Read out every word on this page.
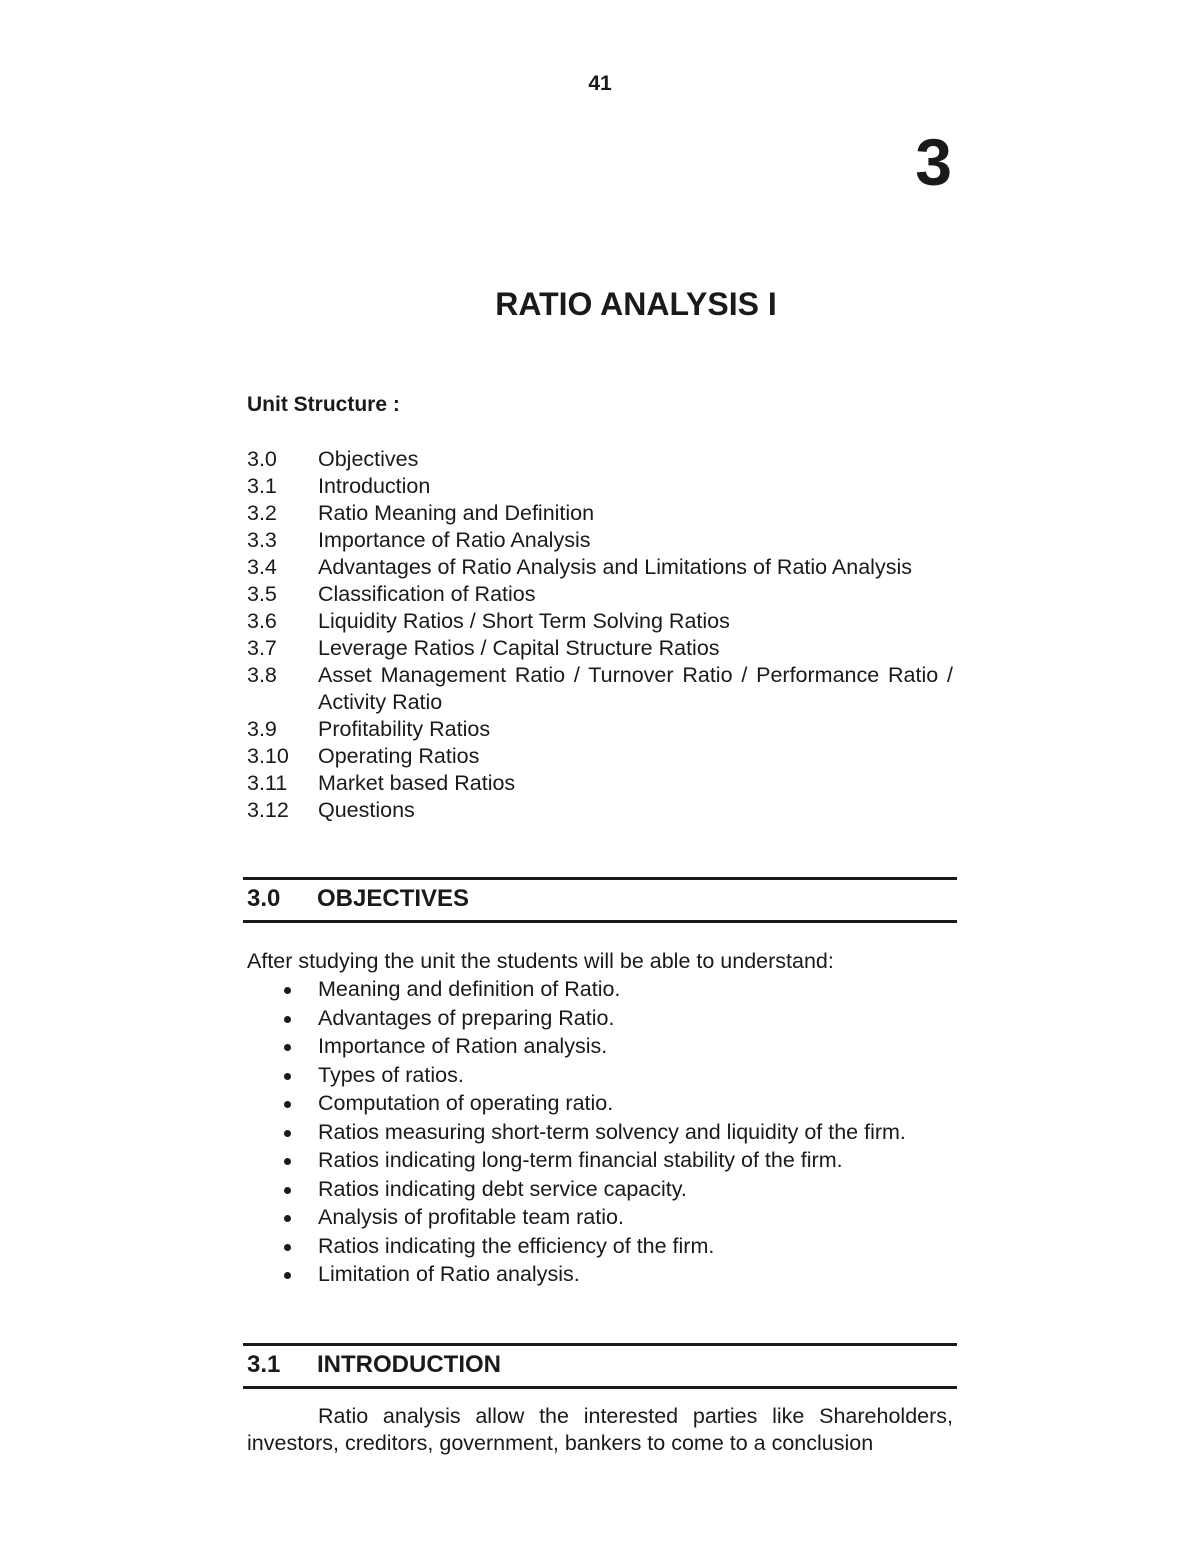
41
3
RATIO ANALYSIS I
Unit Structure :
3.0	Objectives
3.1	Introduction
3.2	Ratio Meaning and Definition
3.3	Importance of Ratio Analysis
3.4	Advantages of Ratio Analysis and Limitations of Ratio Analysis
3.5	Classification of Ratios
3.6	Liquidity Ratios / Short Term Solving Ratios
3.7	Leverage Ratios / Capital Structure Ratios
3.8	Asset Management Ratio / Turnover Ratio / Performance Ratio / Activity Ratio
3.9	Profitability Ratios
3.10	Operating Ratios
3.11	Market based Ratios
3.12	Questions
3.0 OBJECTIVES
After studying the unit the students will be able to understand:
Meaning and definition of Ratio.
Advantages of preparing Ratio.
Importance of Ration analysis.
Types of ratios.
Computation of operating ratio.
Ratios measuring short-term solvency and liquidity of the firm.
Ratios indicating long-term financial stability of the firm.
Ratios indicating debt service capacity.
Analysis of profitable team ratio.
Ratios indicating the efficiency of the firm.
Limitation of Ratio analysis.
3.1 INTRODUCTION

Ratio analysis allow the interested parties like Shareholders, investors, creditors, government, bankers to come to a conclusion
